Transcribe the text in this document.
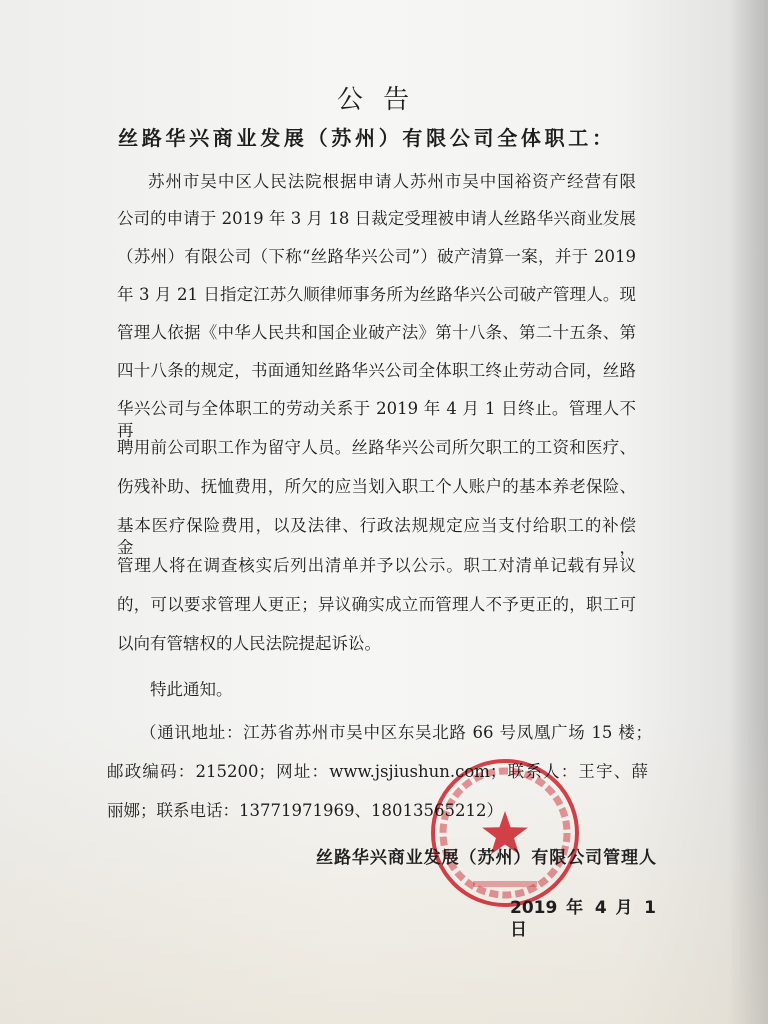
公 告
丝路华兴商业发展（苏州）有限公司全体职工：
苏州市吴中区人民法院根据申请人苏州市吴中国裕资产经营有限
公司的申请于 2019 年 3 月 18 日裁定受理被申请人丝路华兴商业发展
（苏州）有限公司（下称“丝路华兴公司”）破产清算一案，并于 2019
年 3 月 21 日指定江苏久顺律师事务所为丝路华兴公司破产管理人。现
管理人依据《中华人民共和国企业破产法》第十八条、第二十五条、第
四十八条的规定，书面通知丝路华兴公司全体职工终止劳动合同，丝路
华兴公司与全体职工的劳动关系于 2019 年 4 月 1 日终止。管理人不再
聘用前公司职工作为留守人员。丝路华兴公司所欠职工的工资和医疗、
伤残补助、抚恤费用，所欠的应当划入职工个人账户的基本养老保险、
基本医疗保险费用，以及法律、行政法规规定应当支付给职工的补偿金，
管理人将在调查核实后列出清单并予以公示。职工对清单记载有异议
的，可以要求管理人更正；异议确实成立而管理人不予更正的，职工可
以向有管辖权的人民法院提起诉讼。
特此通知。
（通讯地址：江苏省苏州市吴中区东吴北路 66 号凤凰广场 15 楼；
邮政编码：215200；网址：www.jsjiushun.com；联系人：王宇、薛
丽娜；联系电话：13771971969、18013565212）
丝路华兴商业发展（苏州）有限公司管理人
2019 年 4 月 1 日
